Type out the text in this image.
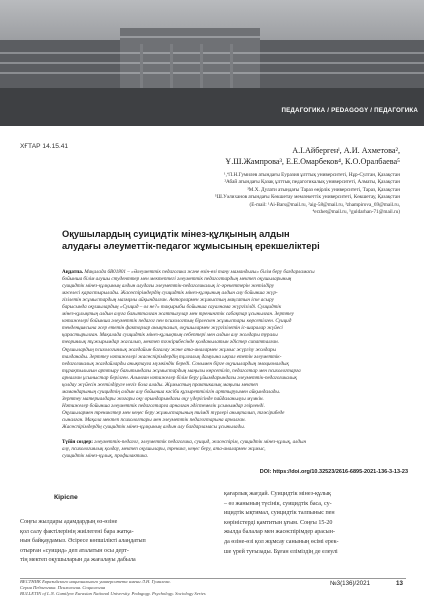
ПЕДАГОГИКА / PEDAGOGY / ПЕДАГОГИКА
ХҒТАР 14.15.41	А.І.Айбергенˡ, А.И. Ахметова²,
Ұ.Ш.Жампрова³, Е.Е.Омарбеков⁴, К.О.Оралбаева⁵
¹,⁴Л.Н.Гумилев атындағы Еуразия ұлттық университеті, Нұр-Султан, Қазақстан
²Абай атындағы Қазақ ұлттық педагогикалық университеті, Алматы, Қазақстан
³М.Х. Дулати атындағы Тараз өңірлік университеті, Тараз, Қазақстан
⁵Ш.Уәлиханов атындағы Көкшетау мемлекеттік университеті, Көкшетау, Қазақстан
(E-mail: ¹Ai-Bars@mail.ru, ²aig-58@mail.ru, ³zhampirova_69@mail.ru,
⁴erzhet@mail.ru, ⁵guldarhan-71@mail.ru)
Оқушылардың суицидтік мінез-құлқының алдын
алудағы әлеуметтік-педагог жұмысының ерекшеліктері
Аңдатпа. Мақалада 6В01801 – «Әлеуметтік педагогика және өзін-өзі тану мамандығы» білім беру бағдарламасы
бойынша білім алушы студенттер мен мектептегі әлеуметтік педагогтардың мектеп оқушыларының
суицидтік мінез-құлқының алдын алудағы әлеуметтік-педагогикалық іс-әрекеттерін жетілдіру
мәселесі қарастырылады. Жасөспірімдердің суицидтік мінез-құлқының алдын алу бойынша жүр-
гізілетін жұмыстардың мазмұны айқындалған. Авторлармен жұмыстың мақсатын іске асыру
барысында оқушылардың «Суицид – ол не?» тақырыбы бойынша сауалнама жүргізілді. Суицидтік
мінез-құлықтың алдын алуға бағытталған жаттығулар мен тренингтік сабақтар ұсынылған. Зерттеу
нәтижелері бойынша әлеуметтік педагог пен психологтың бірлескен жұмыстары көрсетілген. Суицид
тенденциясына әсер ететін факторлар анықталып, оқушылармен жүргізілетін іс-шаралар жүйесі
қарастырылған. Мақалада суицидтік мінез-құлықтың себептері мен алдын алу жолдары туралы
теориялық тұжырымдар жасалып, мектеп тәжірибесінде қолданылатын әдістер сипатталған.
Оқушылардың психологиялық жағдайын бағалау және ата-аналармен жұмыс жүргізу жолдары
талданады. Зерттеу нәтижелері жасөспірімдердің тұлғалық дамуына ықпал ететін әлеуметтік-
педагогикалық жағдайларды анықтауға мүмкіндік береді. Сонымен бірге оқушылардың эмоционалдық
тұрақтылығын арттыру бағытындағы жұмыстардың маңызы көрсетіліп, педагогтар мен психологтарға
арналған ұсыныстар берілген. Алынған нәтижелер білім беру ұйымдарындағы әлеуметтік-педагогикалық
қолдау жүйесін жетілдіруге негіз бола алады. Жұмыстың практикалық маңызы мектеп
мамандарының суицидтің алдын алу бойынша кәсіби құзыреттілігін арттыруымен айқындалады.
Зерттеу материалдары жоғары оқу орындарындағы оқу үдерісінде пайдаланылуы мүмкін.
Нәтижелер бойынша әлеуметтік педагогтарға арналған әдістемелік ұсынымдар әзірленді.
Оқушылармен тренингтер мен кеңес беру жұмыстарының тиімді түрлері анықталып, тәжірибеде
сыналған. Мақала мектеп психологтары мен әлеуметтік педагогтарына арналған.
Жасөспірімдердің суицидтік мінез-құлқының алдын алу бағдарламасы ұсынылады.
Түйін сөздер: әлеуметтік-педагог, әлеуметтік педагогика, суицид, жасөспірім, суицидтік мінез-құлық, алдын
алу, психологиялық қолдау, мектеп оқушылары, тренинг, кеңес беру, ата-аналармен жұмыс,
суицидтік мінез-құлық, профилактика.
DOI: https://doi.org/10.32523/2616-6895-2021-136-3-13-23
Кіріспе
Соңғы жылдары адамдардың өз-өзіне
қол салу фактілерінің жиілегені бара жатқа-
нын байқаудамыз. Әсіресе көпшілікті алаңдатып
отырған «суицид» деп аталатын осы дерт-
тің мектеп оқушыларын да жағалауы дабыла
қағарлық жағдай. Суицидтік мінез-құлық
– өз жанының түсінік, суицидтік баса, су-
ицидтік ықтимал, суицидтік талпыныс пен
көріністерді қамтитын ұғым. Соңғы 15-20
жылда балалар мен жасөспірімдер арасын-
да өзіне-өзі қол жұмсау санының өсімі ерек-
ше үрей туғызады. Бұған еліміздің де елеулі
ВЕСТНИК Евразийского национального университета имени Л.Н. Гумилева.
Серия Педагогика. Психология. Социология
BULLETIN of L.N. Gumilyov Eurasian National University. Pedagogy. Psychology. Sociology Series
№3(136)/2021	13
